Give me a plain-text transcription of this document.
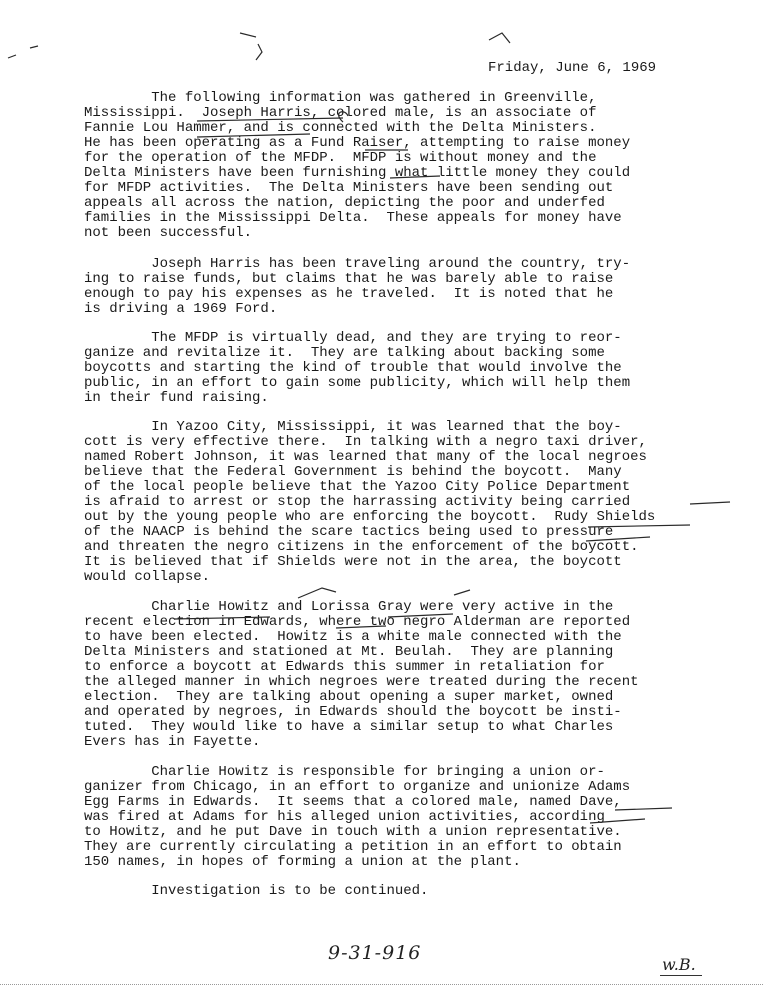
Friday, June 6, 1969
The following information was gathered in Greenville,
Mississippi.  Joseph Harris, colored male, is an associate of
Fannie Lou Hammer, and is connected with the Delta Ministers.
He has been operating as a Fund Raiser, attempting to raise money
for the operation of the MFDP.  MFDP is without money and the
Delta Ministers have been furnishing what little money they could
for MFDP activities.  The Delta Ministers have been sending out
appeals all across the nation, depicting the poor and underfed
families in the Mississippi Delta.  These appeals for money have
not been successful.
Joseph Harris has been traveling around the country, try-
ing to raise funds, but claims that he was barely able to raise
enough to pay his expenses as he traveled.  It is noted that he
is driving a 1969 Ford.
The MFDP is virtually dead, and they are trying to reor-
ganize and revitalize it.  They are talking about backing some
boycotts and starting the kind of trouble that would involve the
public, in an effort to gain some publicity, which will help them
in their fund raising.
In Yazoo City, Mississippi, it was learned that the boy-
cott is very effective there.  In talking with a negro taxi driver,
named Robert Johnson, it was learned that many of the local negroes
believe that the Federal Government is behind the boycott.  Many
of the local people believe that the Yazoo City Police Department
is afraid to arrest or stop the harrassing activity being carried
out by the young people who are enforcing the boycott.  Rudy Shields
of the NAACP is behind the scare tactics being used to pressure
and threaten the negro citizens in the enforcement of the boycott.
It is believed that if Shields were not in the area, the boycott
would collapse.
Charlie Howitz and Lorissa Gray were very active in the
recent election in Edwards, where two negro Alderman are reported
to have been elected.  Howitz is a white male connected with the
Delta Ministers and stationed at Mt. Beulah.  They are planning
to enforce a boycott at Edwards this summer in retaliation for
the alleged manner in which negroes were treated during the recent
election.  They are talking about opening a super market, owned
and operated by negroes, in Edwards should the boycott be insti-
tuted.  They would like to have a similar setup to what Charles
Evers has in Fayette.
Charlie Howitz is responsible for bringing a union or-
ganizer from Chicago, in an effort to organize and unionize Adams
Egg Farms in Edwards.  It seems that a colored male, named Dave,
was fired at Adams for his alleged union activities, according
to Howitz, and he put Dave in touch with a union representative.
They are currently circulating a petition in an effort to obtain
150 names, in hopes of forming a union at the plant.
Investigation is to be continued.
9-31-916
w.B.
